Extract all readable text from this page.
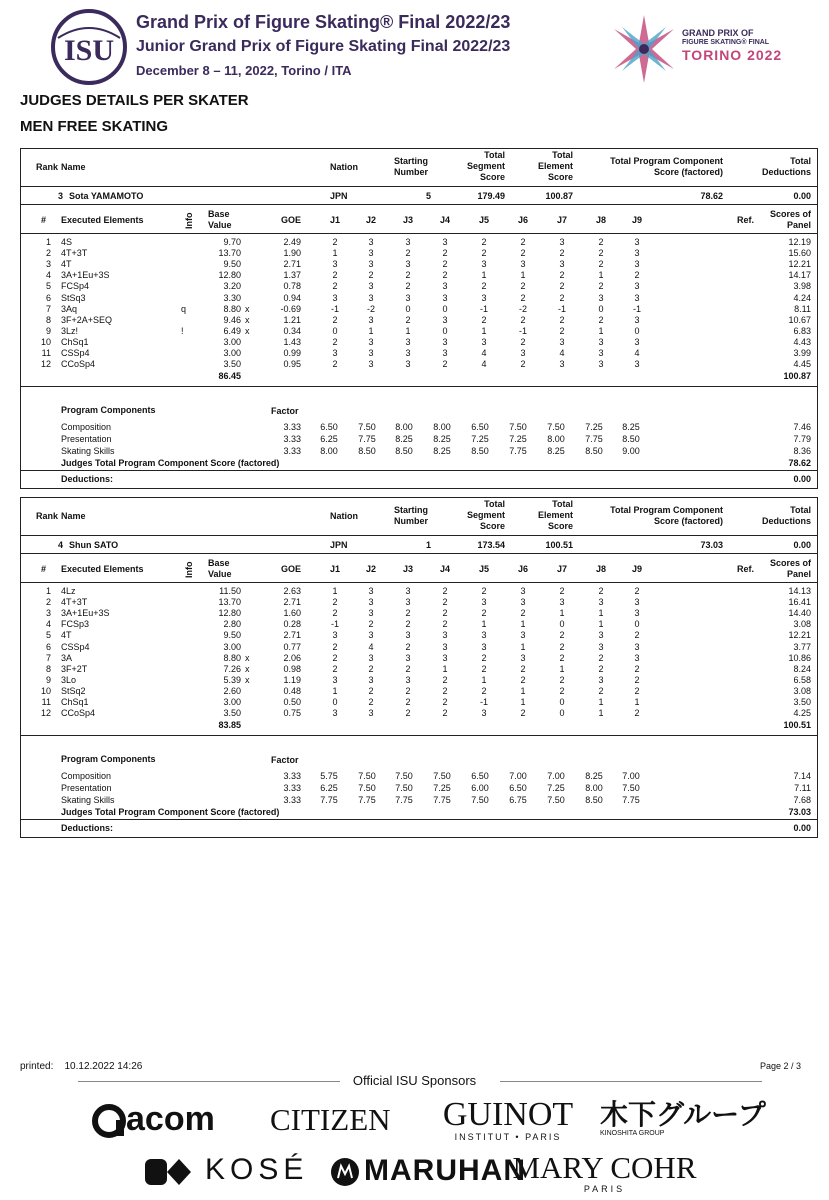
ISU
Grand Prix of Figure Skating® Final 2022/23
Junior Grand Prix of Figure Skating Final 2022/23
December 8 – 11, 2022, Torino / ITA
GRAND PRIX OF
FIGURE SKATING® FINAL
TORINO 2022
JUDGES DETAILS PER SKATER
MEN FREE SKATING
Rank Name	Nation
Starting
Number
Total
Segment
Score
Total
Element
Score
Total Program Component
Score (factored)
Total
Deductions
3 Sota YAMAMOTO	JPN	5	179.49	100.87	78.62	0.00
# Executed Elements	Info Base
Value	GOE	J1	J2	J3	J4	J5	J6	J7	J8	J9	Ref.
Scores of
Panel
1 4S	9.70	2.49	2	3	3	3	2	2	3	2	3	12.19
2 4T+3T	13.70	1.90	1	3	2	2	2	2	2	2	3	15.60
3 4T	9.50	2.71	3	3	3	2	3	3	3	2	3	12.21
4 3A+1Eu+3S	12.80	1.37	2	2	2	2	1	1	2	1	2	14.17
5 FCSp4	3.20	0.78	2	3	2	3	2	2	2	2	3	3.98
6 StSq3	3.30	0.94	3	3	3	3	3	2	2	3	3	4.24
7 3Aq	q	8.80 x	-0.69	-1	-2	0	0	-1	-2	-1	0	-1	8.11
8 3F+2A+SEQ	9.46 x	1.21	2	3	2	3	2	2	2	2	3	10.67
9 3Lz!	!	6.49 x	0.34	0	1	1	0	1	-1	2	1	0	6.83
10 ChSq1	3.00	1.43	2	3	3	3	3	2	3	3	3	4.43
11 CSSp4	3.00	0.99	3	3	3	3	4	3	4	3	4	3.99
12 CCoSp4	3.50	0.95	2	3	3	2	4	2	3	3	3	4.45
86.45	100.87
Program Components	Factor
Composition	3.33	6.50	7.50	8.00	8.00	6.50	7.50	7.50	7.25	8.25	7.46
Presentation	3.33	6.25	7.75	8.25	8.25	7.25	7.25	8.00	7.75	8.50	7.79
Skating Skills	3.33	8.00	8.50	8.50	8.25	8.50	7.75	8.25	8.50	9.00	8.36
Judges Total Program Component Score (factored)	78.62
Deductions:	0.00
Rank Name	Nation
Starting
Number
Total
Segment
Score
Total
Element
Score
Total Program Component
Score (factored)
Total
Deductions
4 Shun SATO	JPN	1	173.54	100.51	73.03	0.00
# Executed Elements	Info Base
Value	GOE	J1	J2	J3	J4	J5	J6	J7	J8	J9	Ref.
Scores of
Panel
1 4Lz	11.50	2.63	1	3	3	2	2	3	2	2	2	14.13
2 4T+3T	13.70	2.71	2	3	3	2	3	3	3	3	3	16.41
3 3A+1Eu+3S	12.80	1.60	2	3	2	2	2	2	1	1	3	14.40
4 FCSp3	2.80	0.28	-1	2	2	2	1	1	0	1	0	3.08
5 4T	9.50	2.71	3	3	3	3	3	3	2	3	2	12.21
6 CSSp4	3.00	0.77	2	4	2	3	3	1	2	3	3	3.77
7 3A	8.80 x	2.06	2	3	3	3	2	3	2	2	3	10.86
8 3F+2T	7.26 x	0.98	2	2	2	1	2	2	1	2	2	8.24
9 3Lo	5.39 x	1.19	3	3	3	2	1	2	2	3	2	6.58
10 StSq2	2.60	0.48	1	2	2	2	2	1	2	2	2	3.08
11 ChSq1	3.00	0.50	0	2	2	2	-1	1	0	1	1	3.50
12 CCoSp4	3.50	0.75	3	3	2	2	3	2	0	1	2	4.25
83.85	100.51
Program Components	Factor
Composition	3.33	5.75	7.50	7.50	7.50	6.50	7.00	7.00	8.25	7.00	7.14
Presentation	3.33	6.25	7.50	7.50	7.25	6.00	6.50	7.25	8.00	7.50	7.11
Skating Skills	3.33	7.75	7.75	7.75	7.75	7.50	6.75	7.50	8.50	7.75	7.68
Judges Total Program Component Score (factored)	73.03
Deductions:	0.00
printed: 10.12.2022 14:26	Page 2 / 3
Official ISU Sponsors
acom CITIZEN GUINOT
INSTITUT • PARIS
木下グループ
KINOSHITA GROUP
KOSÉ MARUHAN
MARY COHR
PARIS
